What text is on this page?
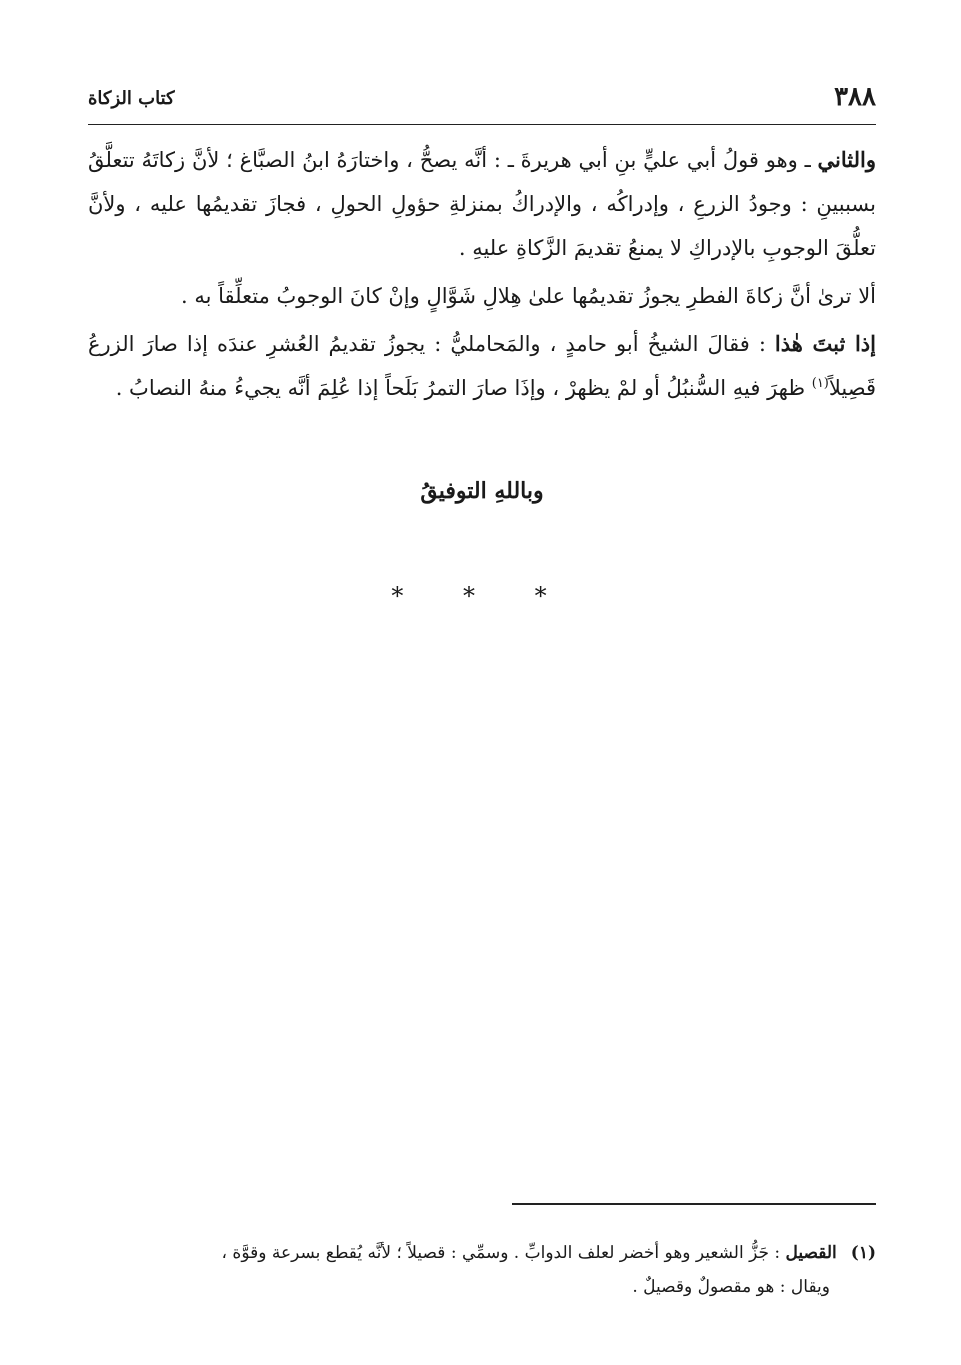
٣٨٨
كتاب الزكاة

والثاني ـ وهو قولُ أبي عليٍّ بنِ أبي هريرةَ ـ : أنَّه يصحُّ ، واختارَهُ ابنُ الصبَّاغ ؛ لأنَّ زكاتَهُ تتعلَّقُ بسببينِ : وجودُ الزرعِ ، وإدراكُه ، والإدراكُ بمنزلةِ حؤولِ الحولِ ، فجازَ تقديمُها عليه ، ولأنَّ تعلُّقَ الوجوبِ بالإدراكِ لا يمنعُ تقديمَ الزَّكاةِ عليهِ .

ألا ترىٰ أنَّ زكاةَ الفطرِ يجوزُ تقديمُها علىٰ هِلالِ شَوَّالٍ وإنْ كانَ الوجوبُ متعلِّقاً به .

إذا ثبتَ هٰذا : فقالَ الشيخُ أبو حامدٍ ، والمَحامليُّ : يجوزُ تقديمُ العُشرِ عندَه إذا صارَ الزرعُ قَصِيلاً$^{(١)}$ ظهرَ فيهِ السُّنبُلُ أو لمْ يظهرْ ، وإذَا صارَ التمرُ بَلَحاً إذا عُلِمَ أنَّه يجيءُ منهُ النصابُ .

وباللهِ التوفيقُ
* * *
(١)القصيل : جَزُّ الشعير وهو أخضر لعلف الدوابِّ . وسمِّي : قصيلاً ؛ لأنَّه يُقطع بسرعة وقوَّة ،
ويقال : هو مقصولٌ وقصيلٌ .
